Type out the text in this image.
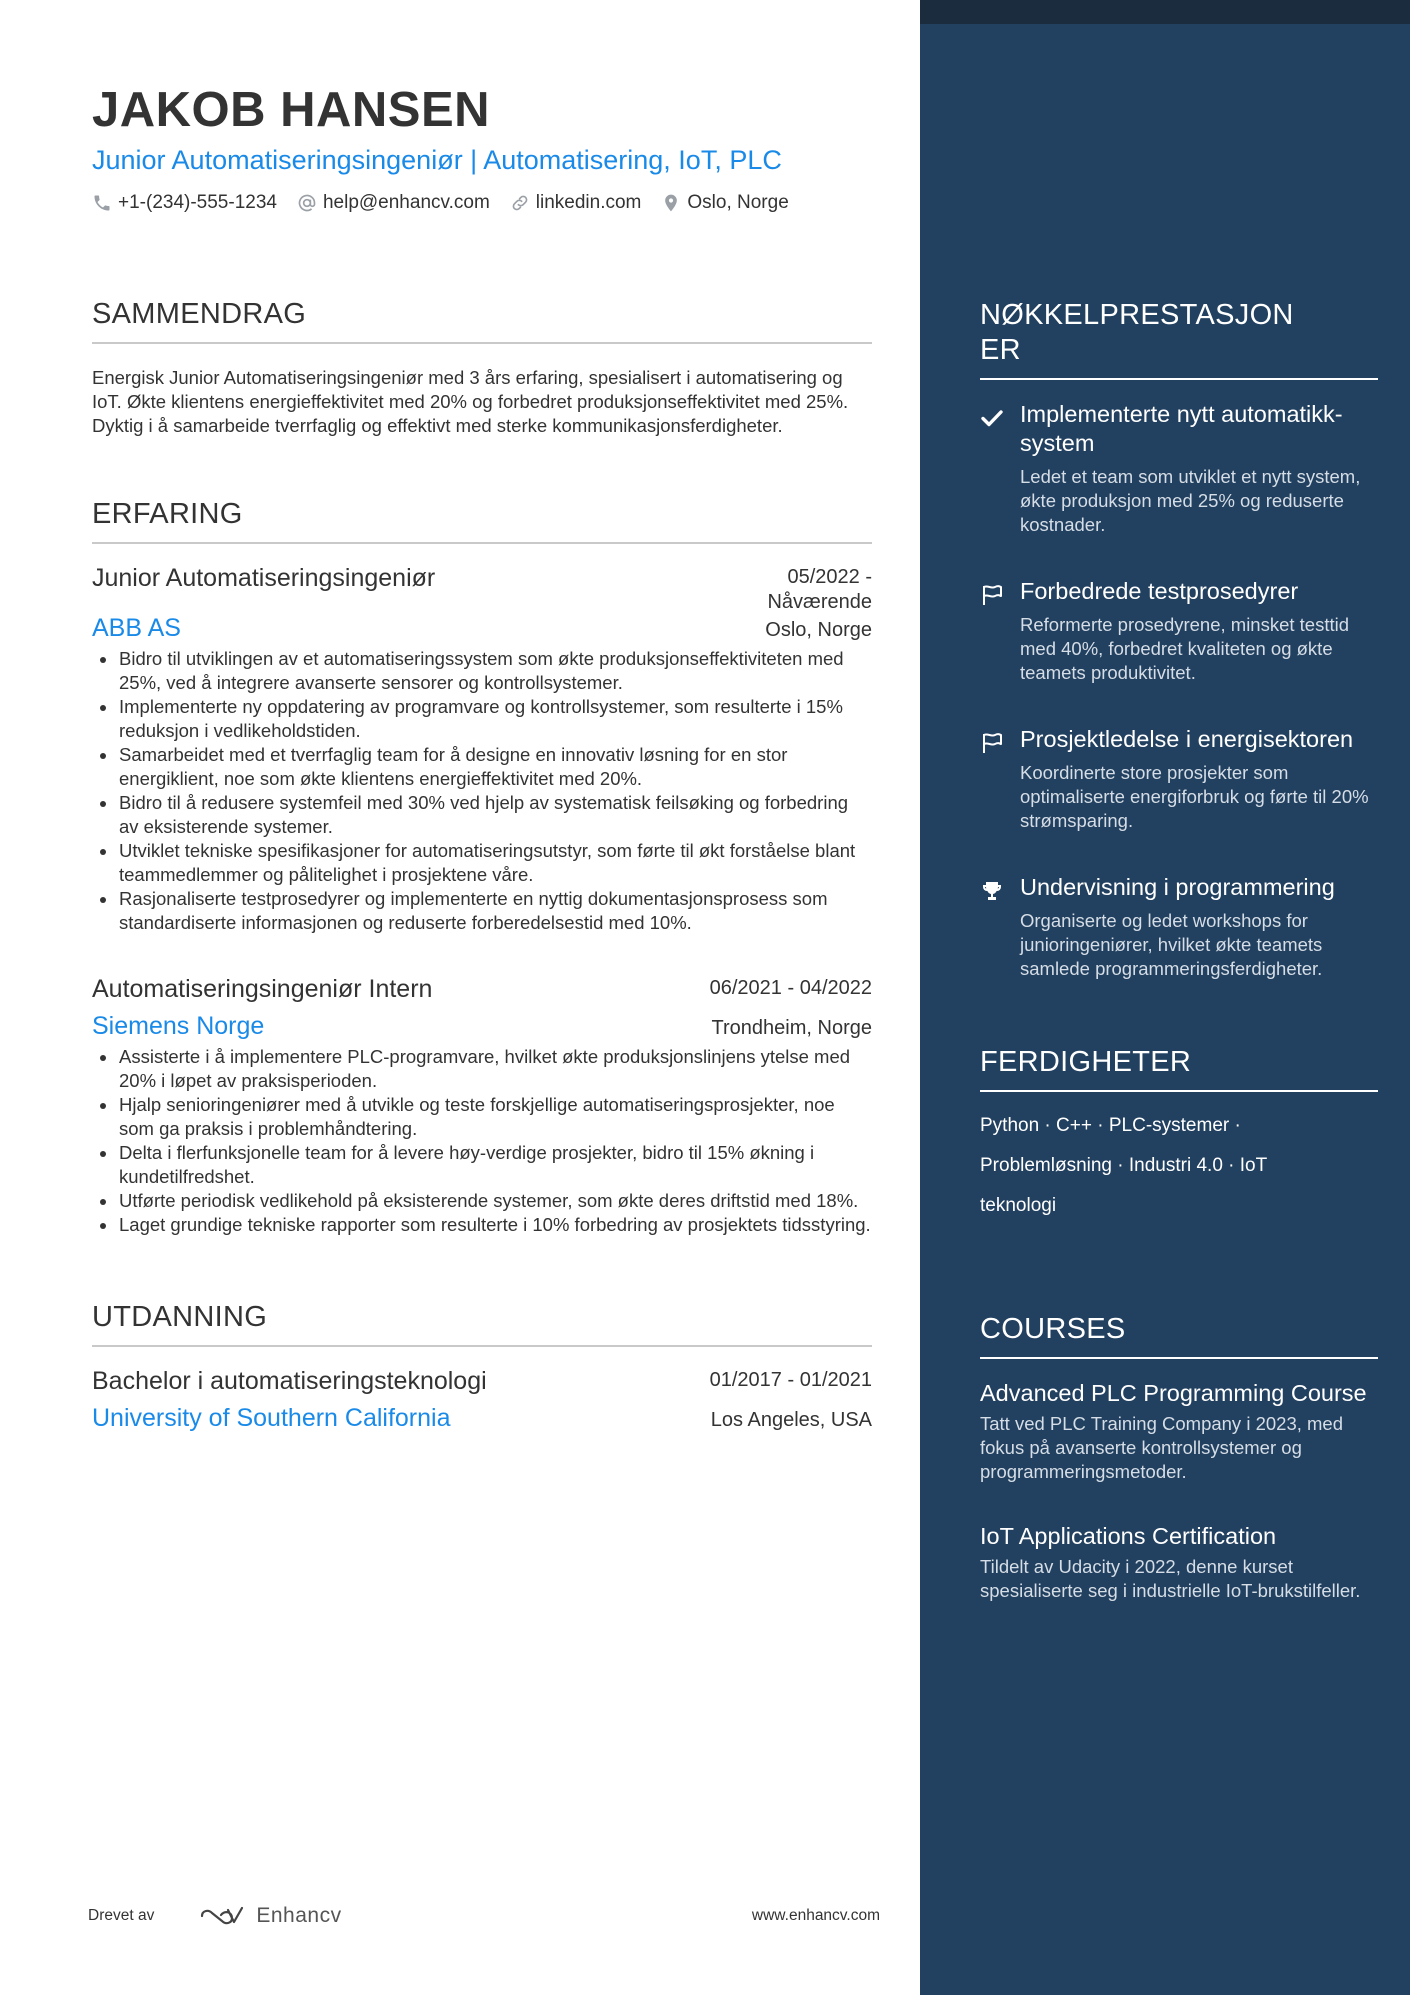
JAKOB HANSEN
Junior Automatiseringsingeniør | Automatisering, IoT, PLC
+1-(234)-555-1234 help@enhancv.com linkedin.com Oslo, Norge
SAMMENDRAG
Energisk Junior Automatiseringsingeniør med 3 års erfaring, spesialisert i automatisering og IoT. Økte klientens energieffektivitet med 20% og forbedret produksjonseffektivitet med 25%. Dyktig i å samarbeide tverrfaglig og effektivt med sterke kommunikasjonsferdigheter.
ERFARING
Junior Automatiseringsingeniør	05/2022 - Nåværende
ABB AS	Oslo, Norge
Bidro til utviklingen av et automatiseringssystem som økte produksjonseffektiviteten med 25%, ved å integrere avanserte sensorer og kontrollsystemer.
Implementerte ny oppdatering av programvare og kontrollsystemer, som resulterte i 15% reduksjon i vedlikeholdstiden.
Samarbeidet med et tverrfaglig team for å designe en innovativ løsning for en stor energiklient, noe som økte klientens energieffektivitet med 20%.
Bidro til å redusere systemfeil med 30% ved hjelp av systematisk feilsøking og forbedring av eksisterende systemer.
Utviklet tekniske spesifikasjoner for automatiseringsutstyr, som førte til økt forståelse blant teammedlemmer og pålitelighet i prosjektene våre.
Rasjonaliserte testprosedyrer og implementerte en nyttig dokumentasjonsprosess som standardiserte informasjonen og reduserte forberedelsestid med 10%.
Automatiseringsingeniør Intern	06/2021 - 04/2022
Siemens Norge	Trondheim, Norge
Assisterte i å implementere PLC-programvare, hvilket økte produksjonslinjens ytelse med 20% i løpet av praksisperioden.
Hjalp senioringeniører med å utvikle og teste forskjellige automatiseringsprosjekter, noe som ga praksis i problemhåndtering.
Delta i flerfunksjonelle team for å levere høy-verdige prosjekter, bidro til 15% økning i kundetilfredshet.
Utførte periodisk vedlikehold på eksisterende systemer, som økte deres driftstid med 18%.
Laget grundige tekniske rapporter som resulterte i 10% forbedring av prosjektets tidsstyring.
UTDANNING
Bachelor i automatiseringsteknologi	01/2017 - 01/2021
University of Southern California	Los Angeles, USA
Drevet av	Enhancv	www.enhancv.com
NØKKELPRESTASJONER
Implementerte nytt automatikk-system
Ledet et team som utviklet et nytt system, økte produksjon med 25% og reduserte kostnader.
Forbedrede testprosedyrer
Reformerte prosedyrene, minsket testtid med 40%, forbedret kvaliteten og økte teamets produktivitet.
Prosjektledelse i energisektoren
Koordinerte store prosjekter som optimaliserte energiforbruk og førte til 20% strømsparing.
Undervisning i programmering
Organiserte og ledet workshops for junioringeniører, hvilket økte teamets samlede programmeringsferdigheter.
FERDIGHETER
Python · C++ · PLC-systemer · Problemløsning · Industri 4.0 · IoT teknologi
COURSES
Advanced PLC Programming Course
Tatt ved PLC Training Company i 2023, med fokus på avanserte kontrollsystemer og programmeringsmetoder.
IoT Applications Certification
Tildelt av Udacity i 2022, denne kurset spesialiserte seg i industrielle IoT-brukstilfeller.
